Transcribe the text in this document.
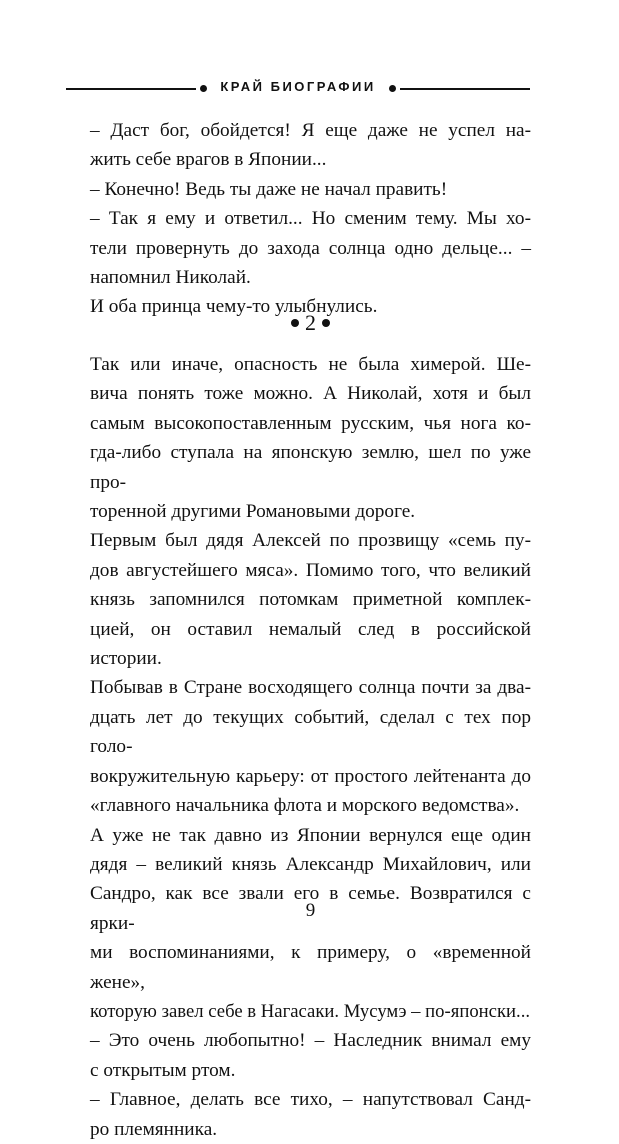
КРАЙ БИОГРАФИИ

– Даст бог, обойдется! Я еще даже не успел на-
жить себе врагов в Японии...

– Конечно! Ведь ты даже не начал править!

– Так я ему и ответил... Но сменим тему. Мы хо-
тели провернуть до захода солнца одно дельце... –
напомнил Николай.

И оба принца чему-то улыбнулись.

2

Так или иначе, опасность не была химерой. Ше-
вича понять тоже можно. А Николай, хотя и был
самым высокопоставленным русским, чья нога ко-
гда-либо ступала на японскую землю, шел по уже про-
торенной другими Романовыми дороге.

Первым был дядя Алексей по прозвищу «семь пу-
дов августейшего мяса». Помимо того, что великий
князь запомнился потомкам приметной комплек-
цией, он оставил немалый след в российской истории.
Побывав в Стране восходящего солнца почти за два-
дцать лет до текущих событий, сделал с тех пор голо-
вокружительную карьеру: от простого лейтенанта до
«главного начальника флота и морского ведомства».

А уже не так давно из Японии вернулся еще один
дядя – великий князь Александр Михайлович, или
Сандро, как все звали его в семье. Возвратился с ярки-
ми воспоминаниями, к примеру, о «временной жене»,
которую завел себе в Нагасаки. Мусумэ – по-японски...

– Это очень любопытно! – Наследник внимал ему
с открытым ртом.

– Главное, делать все тихо, – напутствовал Санд-
ро племянника.

9
